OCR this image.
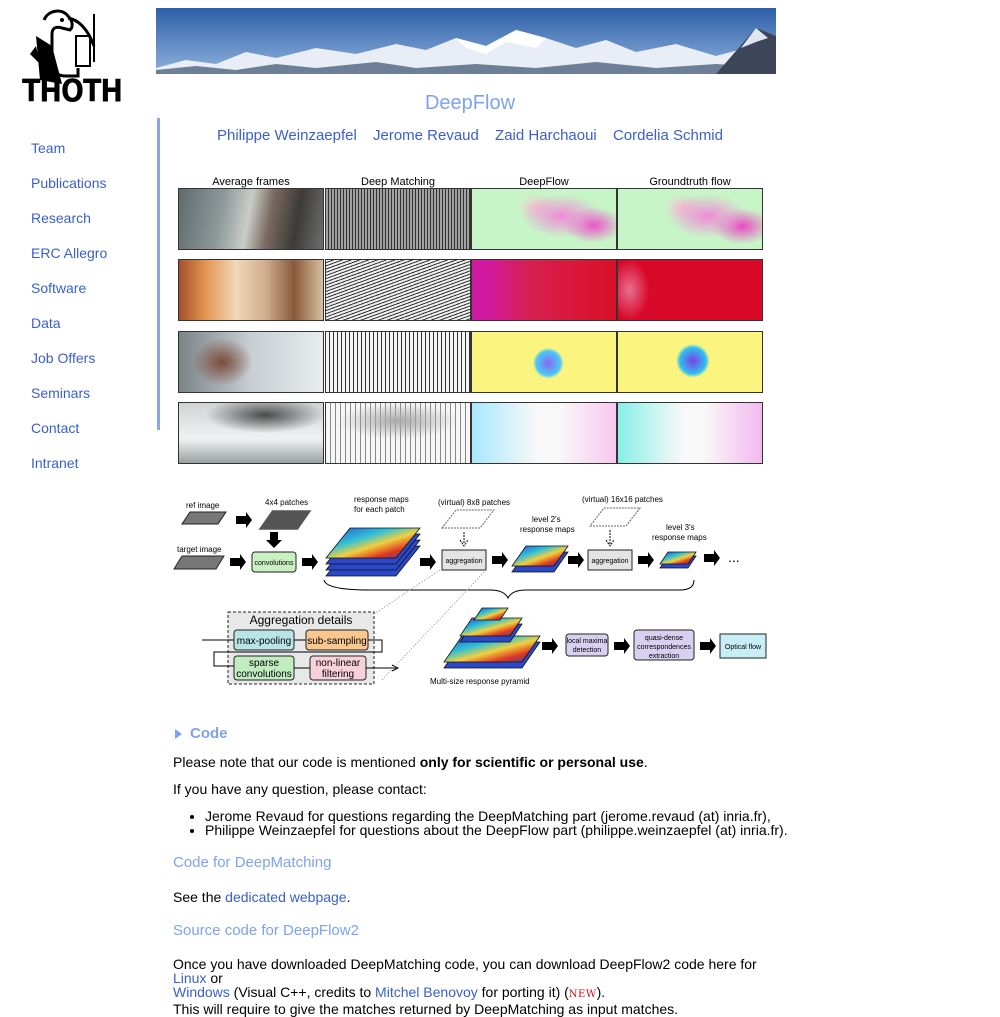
THOTH
Team
Publications
Research
ERC Allegro
Software
Data
Job Offers
Seminars
Contact
Intranet
DeepFlow
Philippe Weinzaepfel Jerome Revaud Zaid Harchaoui Cordelia Schmid
Average frames	Deep Matching	DeepFlow	Groundtruth flow
ref image
target image
4x4 patches
convolutions
response maps
for each patch
(virtual) 8x8 patches
aggregation
level 2's
response maps
(virtual) 16x16 patches
aggregation
level 3's
response maps
...
Aggregation details
max-pooling sub-sampling
sparse
convolutions
non-linear
filtering
Multi-size response pyramid
local maxima
detection
quasi-dense
correspondences
extraction
Optical flow
Code
Please note that our code is mentioned only for scientific or personal use.
If you have any question, please contact:
• Jerome Revaud for questions regarding the DeepMatching part (jerome.revaud (at) inria.fr),
• Philippe Weinzaepfel for questions about the DeepFlow part (philippe.weinzaepfel (at) inria.fr).
Code for DeepMatching
See the dedicated webpage.
Source code for DeepFlow2
Once you have downloaded DeepMatching code, you can download DeepFlow2 code here for Linux or
Windows (Visual C++, credits to Mitchel Benovoy for porting it) (NEW).
This will require to give the matches returned by DeepMatching as input matches.
